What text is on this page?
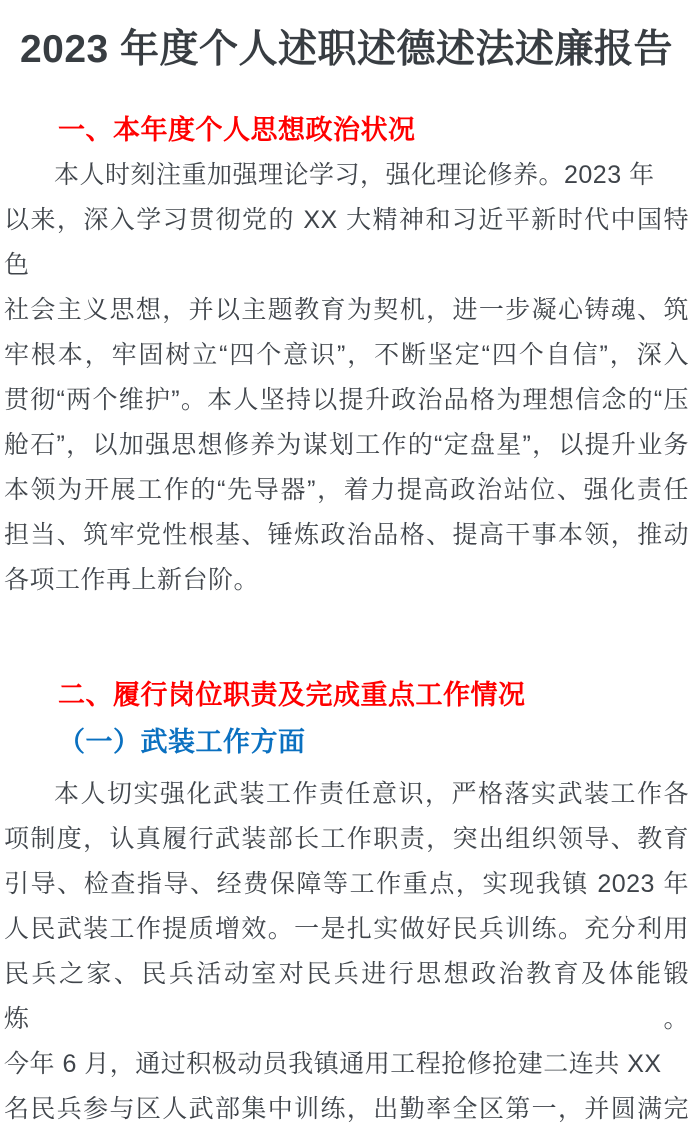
2023 年度个人述职述德述法述廉报告
一、本年度个人思想政治状况
本人时刻注重加强理论学习，强化理论修养。2023 年
以来，深入学习贯彻党的 XX 大精神和习近平新时代中国特色
社会主义思想，并以主题教育为契机，进一步凝心铸魂、筑
牢根本，牢固树立“四个意识”，不断坚定“四个自信”，深入
贯彻“两个维护”。本人坚持以提升政治品格为理想信念的“压
舱石”，以加强思想修养为谋划工作的“定盘星”，以提升业务
本领为开展工作的“先导器”，着力提高政治站位、强化责任
担当、筑牢党性根基、锤炼政治品格、提高干事本领，推动
各项工作再上新台阶。
二、履行岗位职责及完成重点工作情况
（一）武装工作方面
本人切实强化武装工作责任意识，严格落实武装工作各
项制度，认真履行武装部长工作职责，突出组织领导、教育
引导、检查指导、经费保障等工作重点，实现我镇 2023 年
人民武装工作提质增效。一是扎实做好民兵训练。充分利用
民兵之家、民兵活动室对民兵进行思想政治教育及体能锻炼。
今年 6 月，通过积极动员我镇通用工程抢修抢建二连共 XX
名民兵参与区人武部集中训练，出勤率全区第一，并圆满完
